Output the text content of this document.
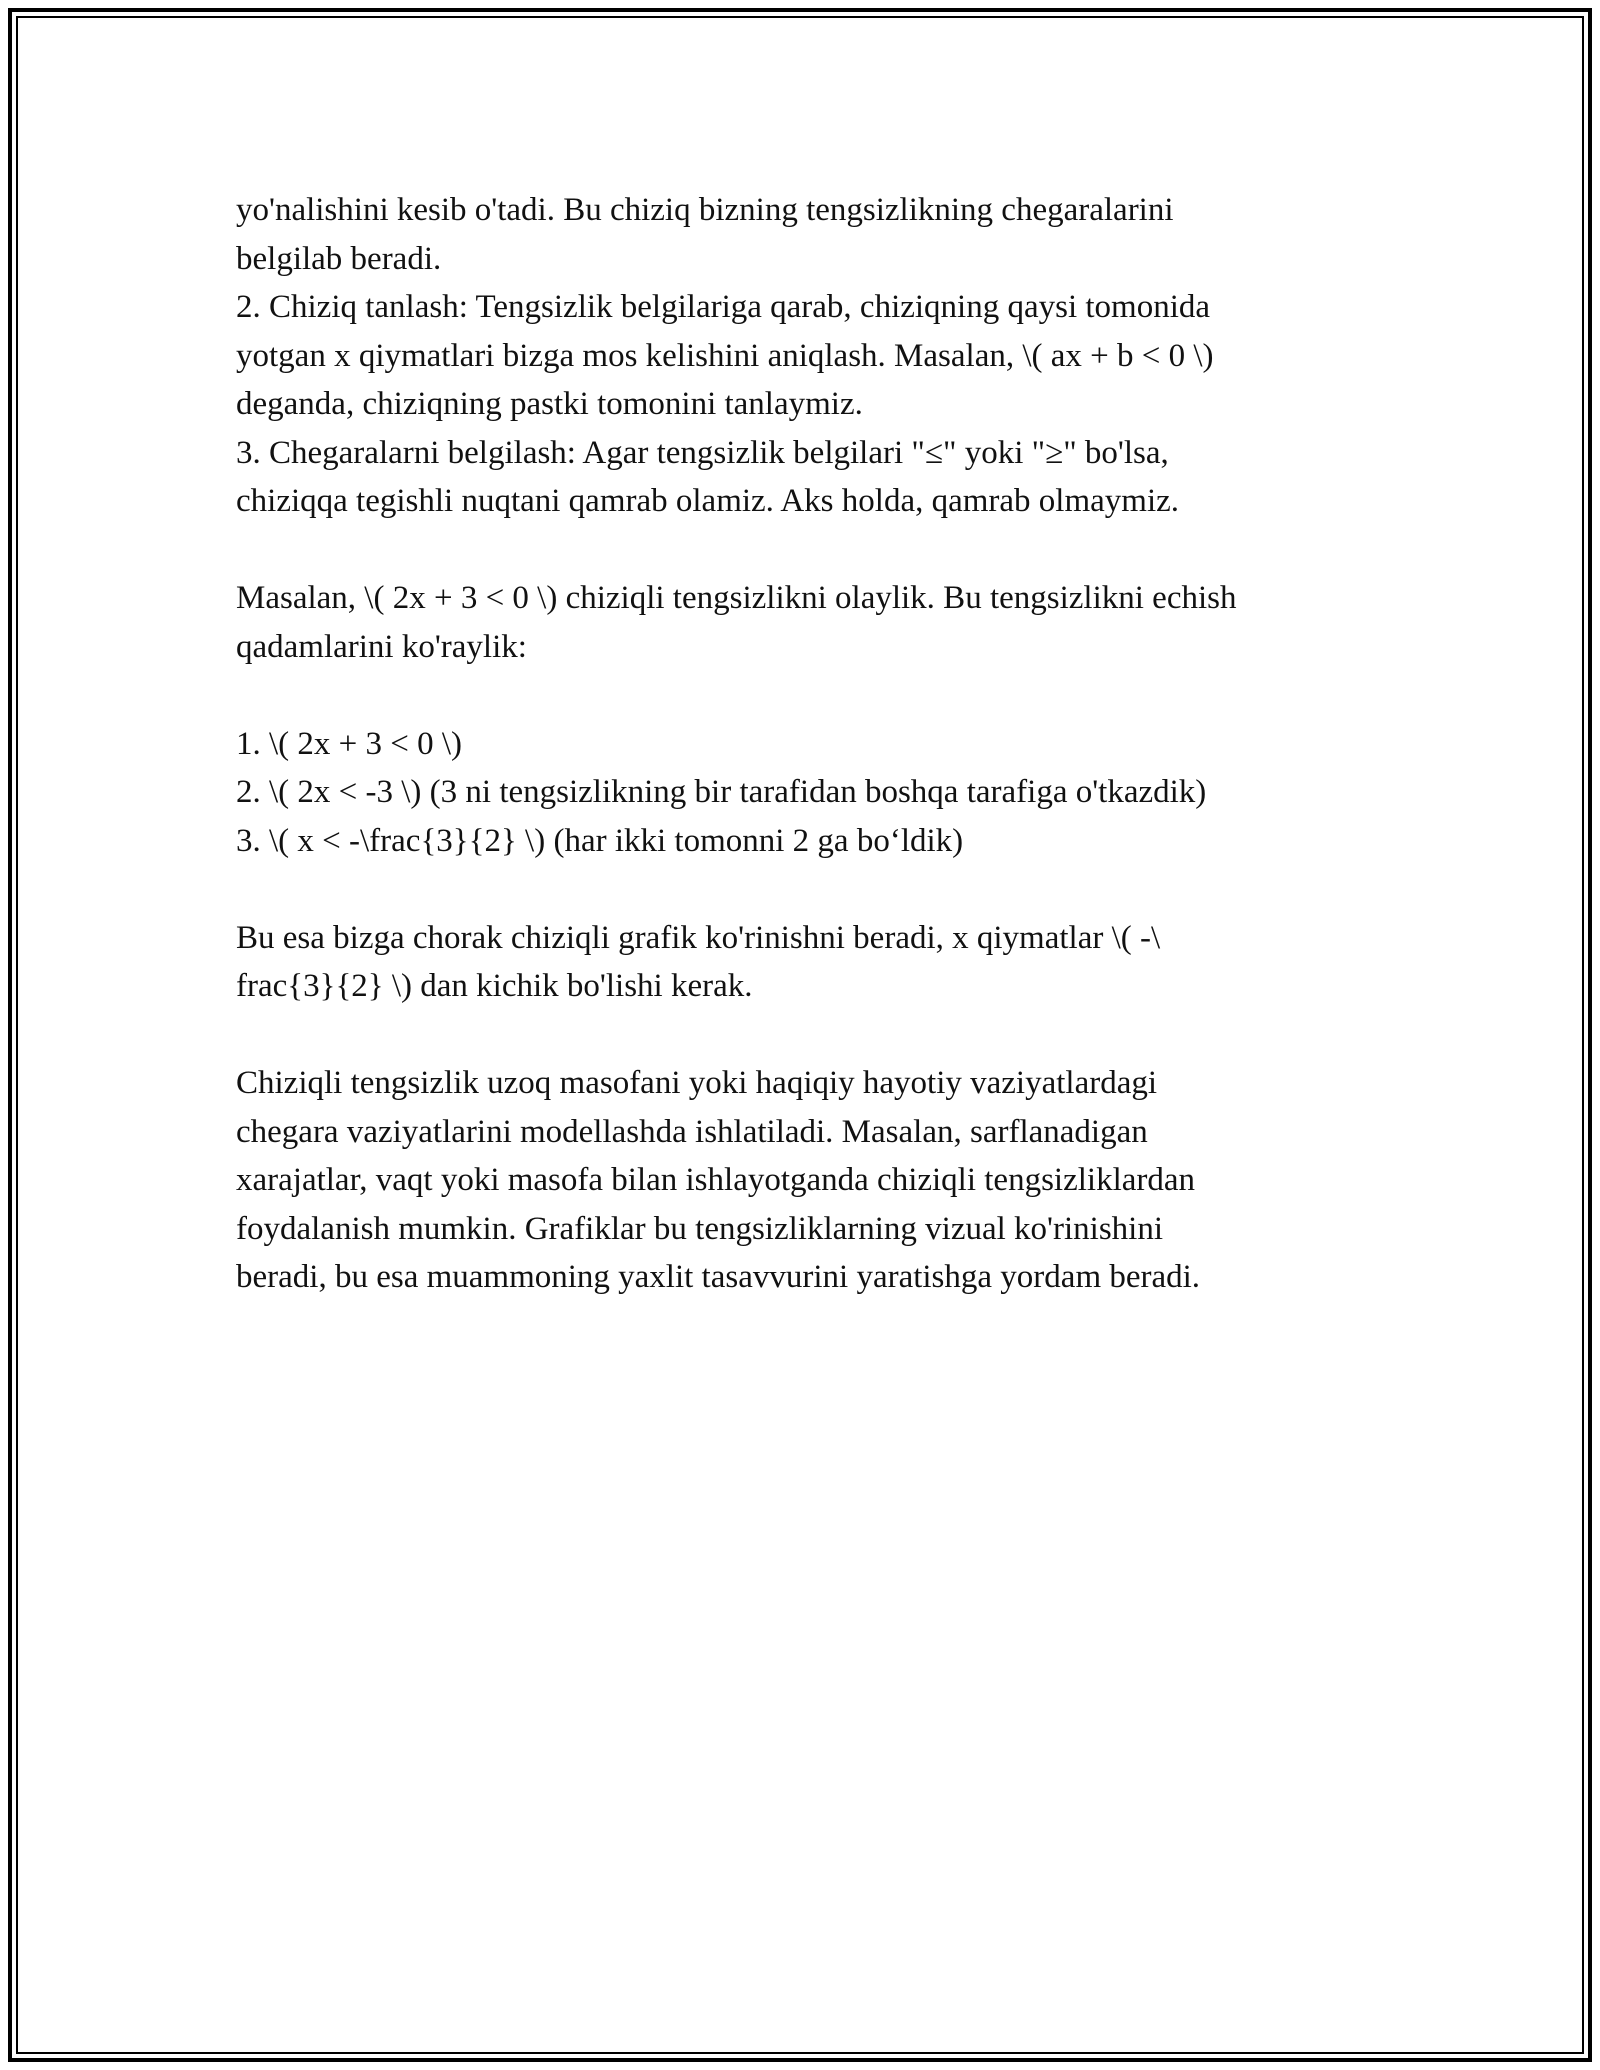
yo'nalishini kesib o'tadi. Bu chiziq bizning tengsizlikning chegaralarini
belgilab beradi.
2. Chiziq tanlash: Tengsizlik belgilariga qarab, chiziqning qaysi tomonida
yotgan x qiymatlari bizga mos kelishini aniqlash. Masalan, \( ax + b < 0 \)
deganda, chiziqning pastki tomonini tanlaymiz.
3. Chegaralarni belgilash: Agar tengsizlik belgilari "≤" yoki "≥" bo'lsa,
chiziqqa tegishli nuqtani qamrab olamiz. Aks holda, qamrab olmaymiz.
Masalan, \( 2x + 3 < 0 \) chiziqli tengsizlikni olaylik. Bu tengsizlikni echish
qadamlarini ko'raylik:
1. \( 2x + 3 < 0 \)
2. \( 2x < -3 \) (3 ni tengsizlikning bir tarafidan boshqa tarafiga o'tkazdik)
3. \( x < -\frac{3}{2} \) (har ikki tomonni 2 ga bo‘ldik)
Bu esa bizga chorak chiziqli grafik ko'rinishni beradi, x qiymatlar \( -\
frac{3}{2} \) dan kichik bo'lishi kerak.
Chiziqli tengsizlik uzoq masofani yoki haqiqiy hayotiy vaziyatlardagi
chegara vaziyatlarini modellashda ishlatiladi. Masalan, sarflanadigan
xarajatlar, vaqt yoki masofa bilan ishlayotganda chiziqli tengsizliklardan
foydalanish mumkin. Grafiklar bu tengsizliklarning vizual ko'rinishini
beradi, bu esa muammoning yaxlit tasavvurini yaratishga yordam beradi.
